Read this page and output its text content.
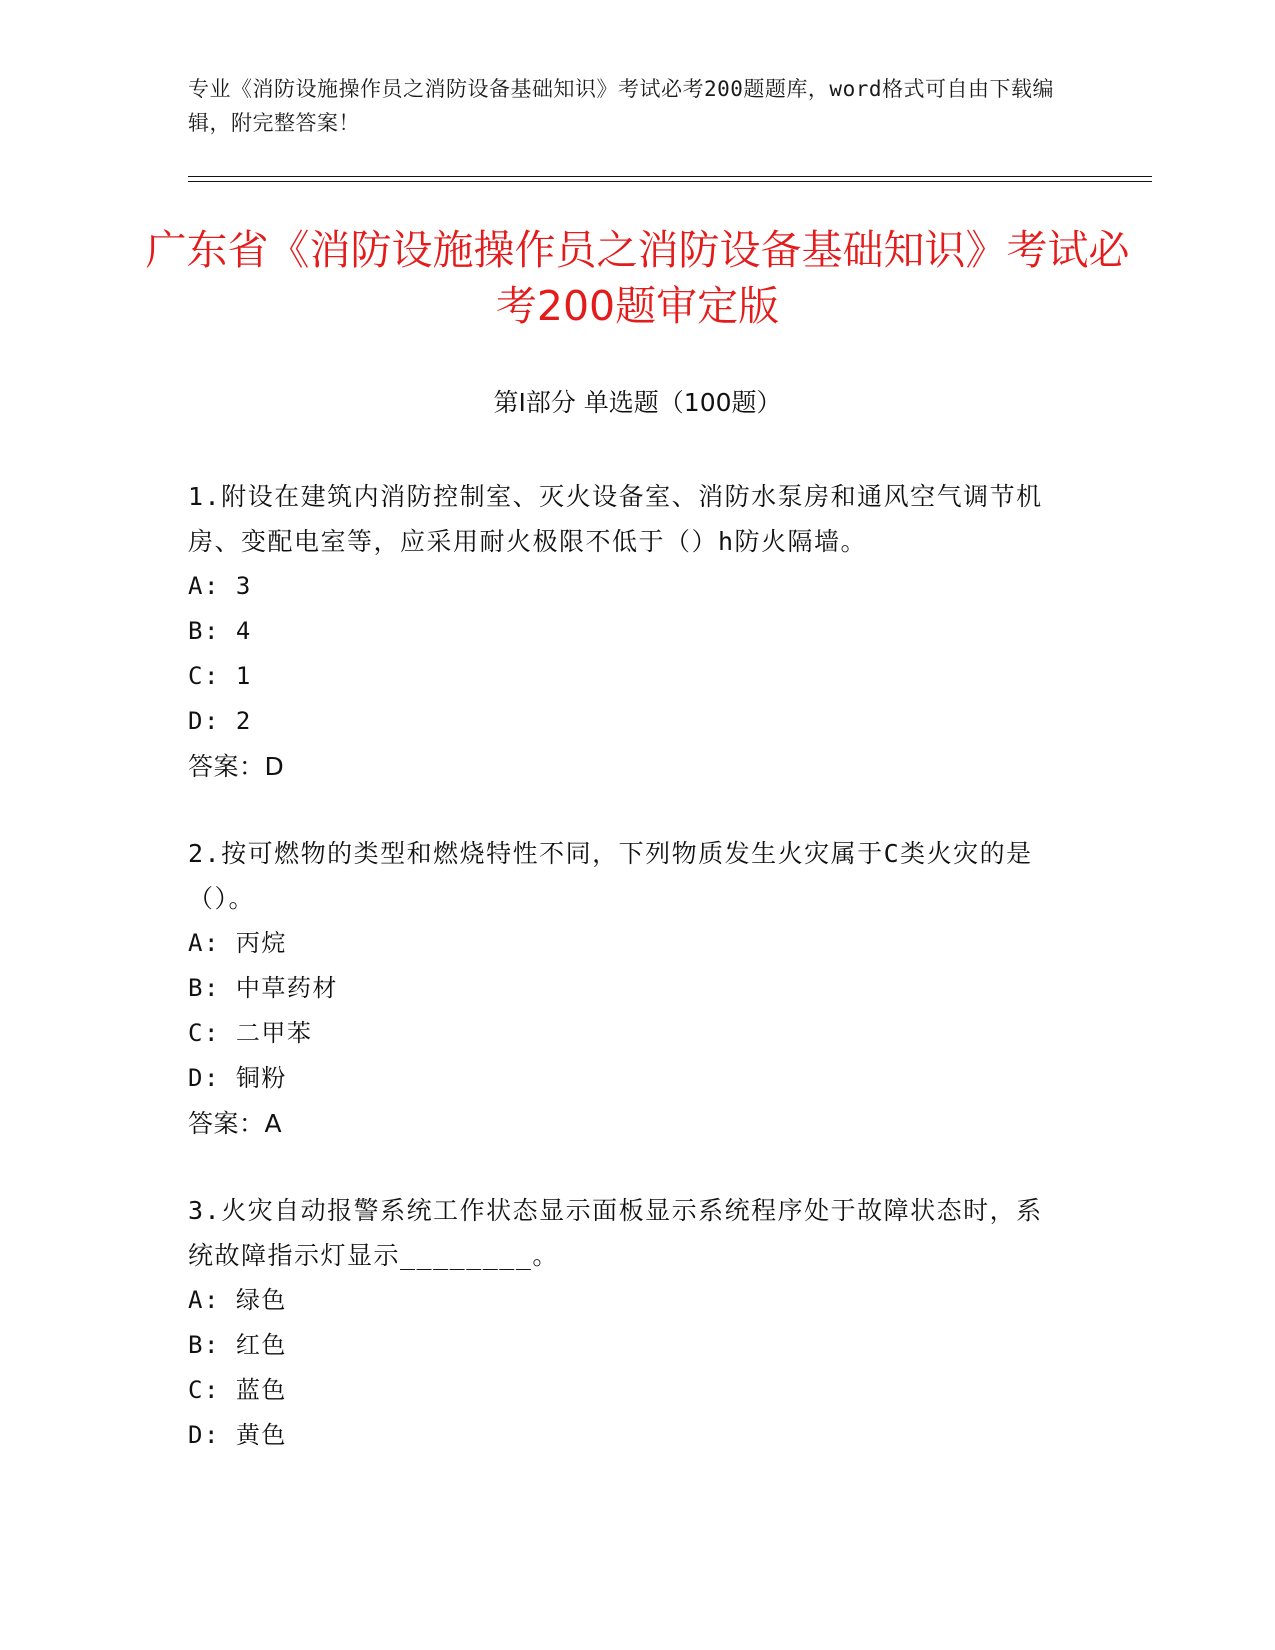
专业《消防设施操作员之消防设备基础知识》考试必考200题题库，word格式可自由下载编辑，附完整答案！
广东省《消防设施操作员之消防设备基础知识》考试必考200题审定版
第Ⅰ部分 单选题（100题）
1.附设在建筑内消防控制室、灭火设备室、消防水泵房和通风空气调节机房、变配电室等，应采用耐火极限不低于（）h防火隔墙。
A: 3
B: 4
C: 1
D: 2
答案：D
2.按可燃物的类型和燃烧特性不同，下列物质发生火灾属于C类火灾的是（）。
A: 丙烷
B: 中草药材
C: 二甲苯
D: 铜粉
答案：A
3.火灾自动报警系统工作状态显示面板显示系统程序处于故障状态时，系统故障指示灯显示________。
A: 绿色
B: 红色
C: 蓝色
D: 黄色
